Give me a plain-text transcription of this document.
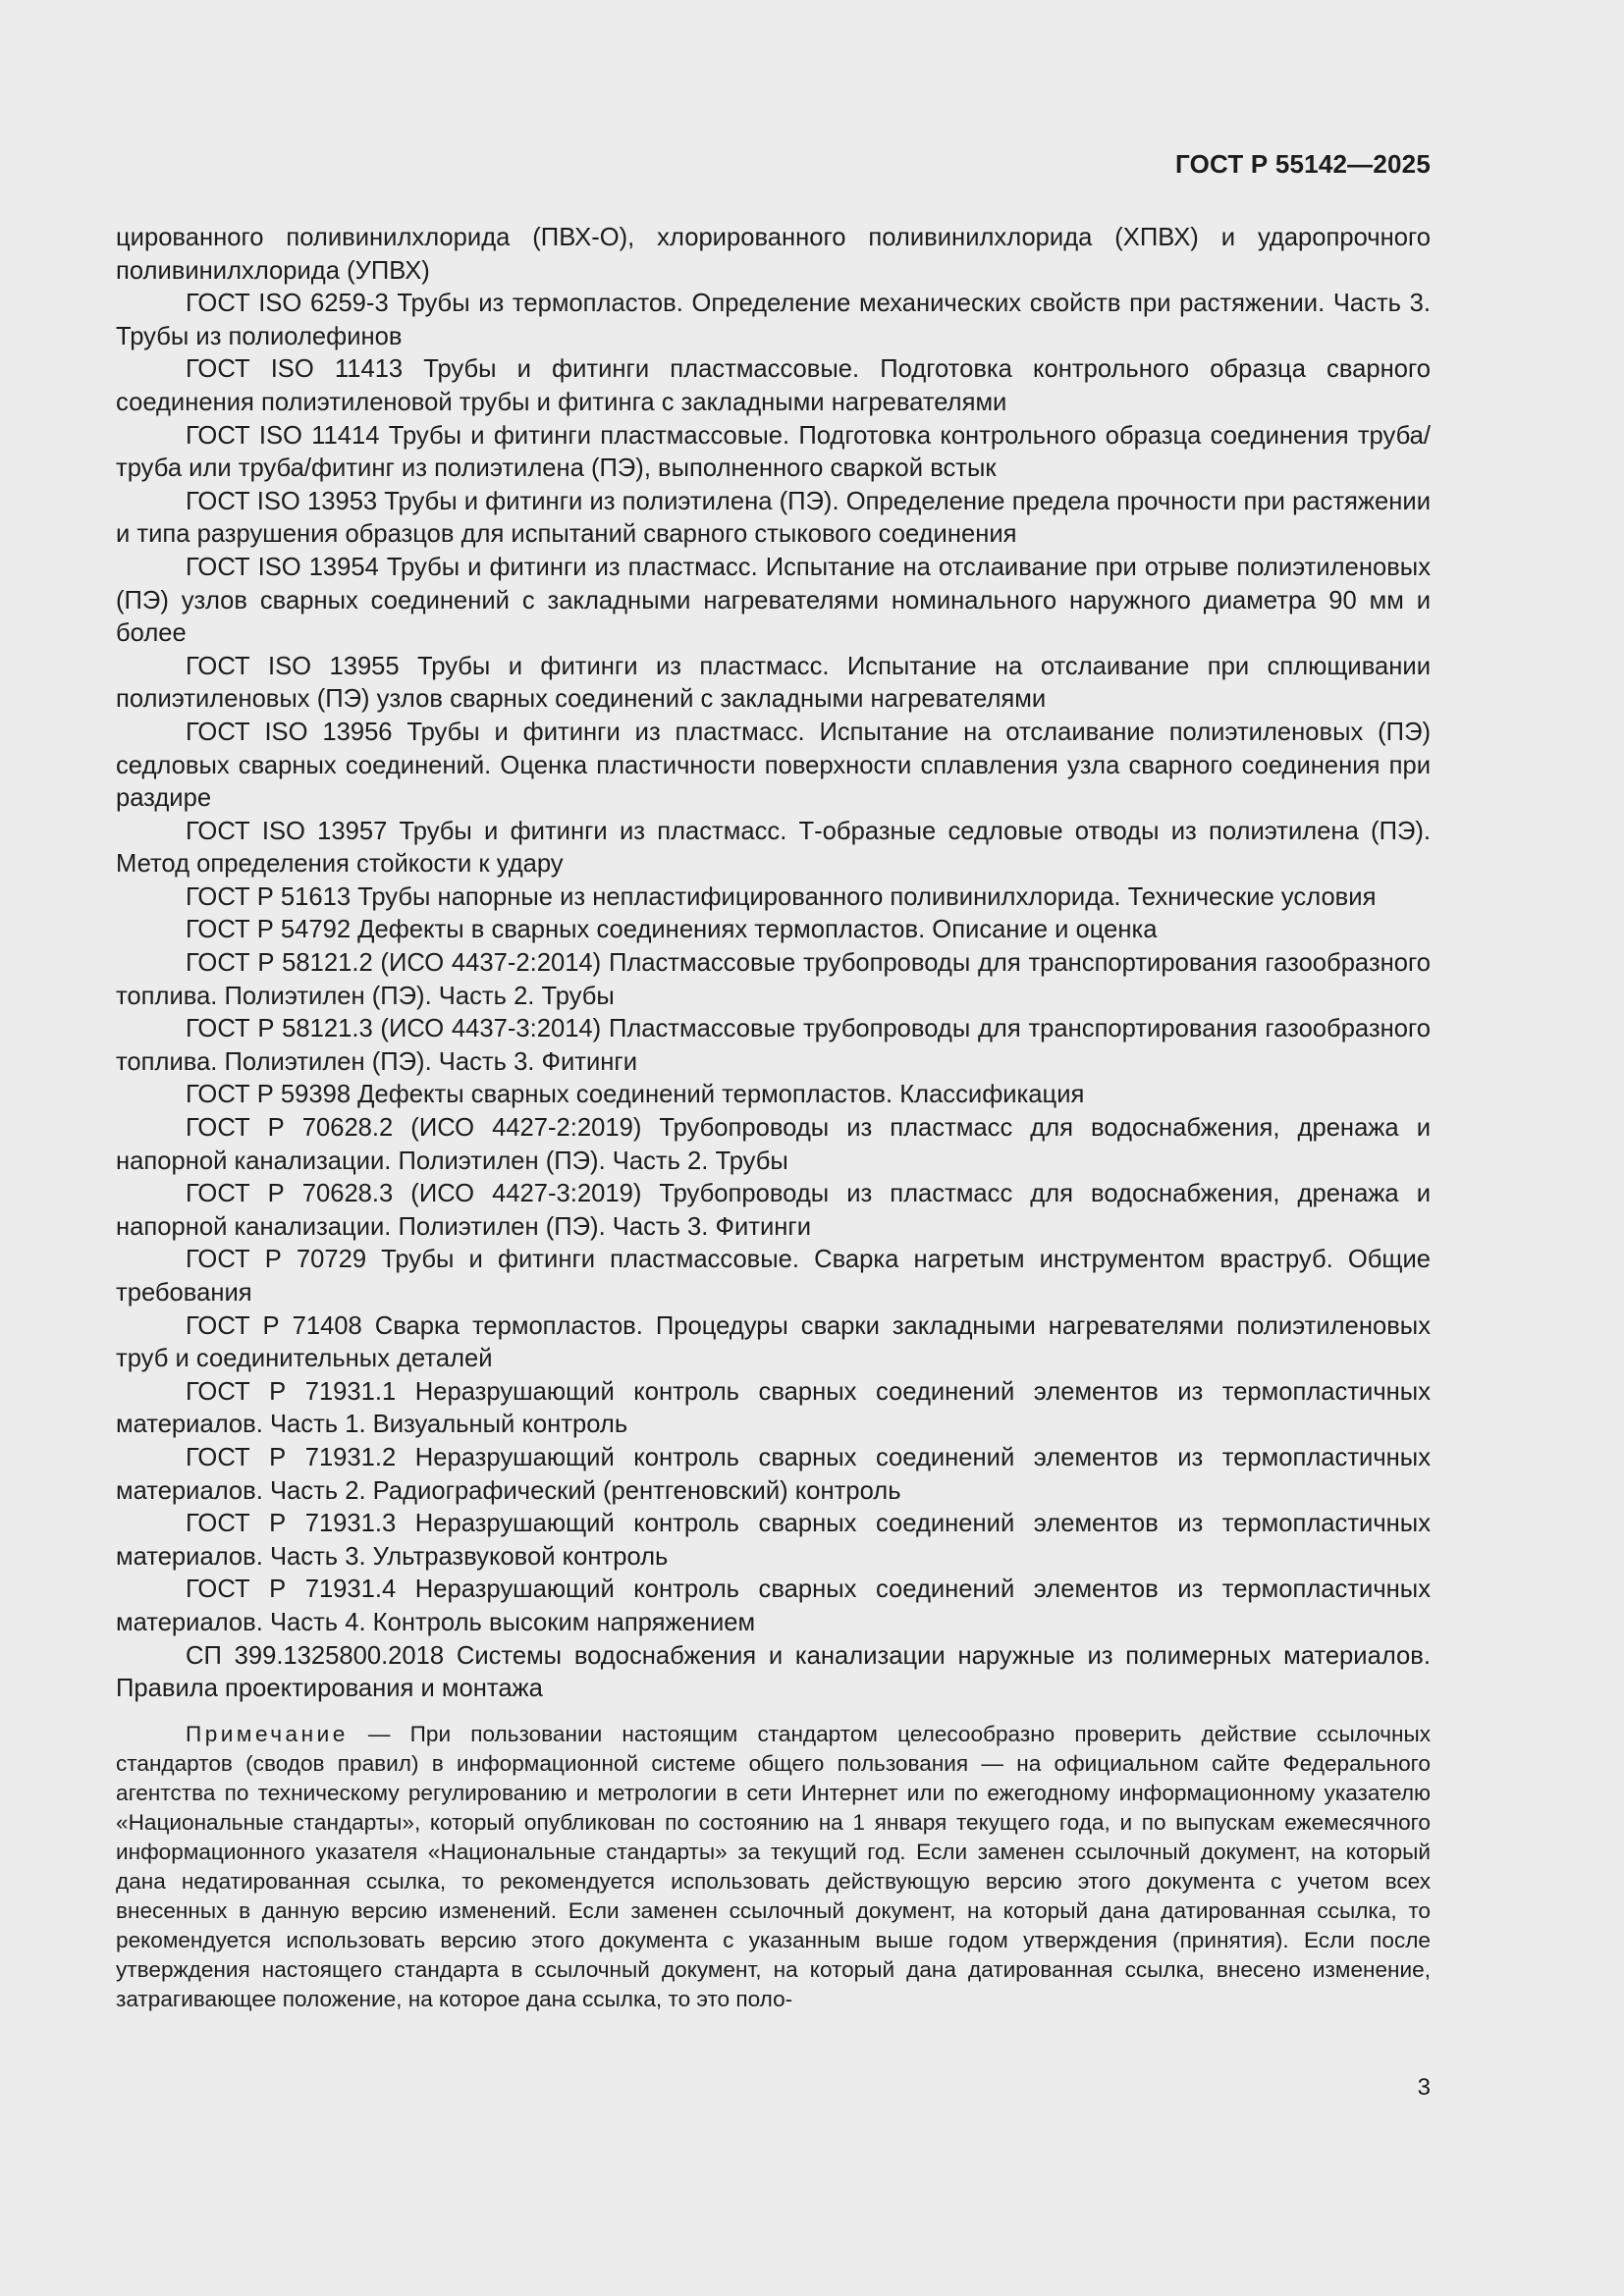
ГОСТ Р 55142—2025

цированного поливинилхлорида (ПВХ-О), хлорированного поливинилхлорида (ХПВХ) и ударопрочного поливинилхлорида (УПВХ)

ГОСТ ISO 6259-3 Трубы из термопластов. Определение механических свойств при растяжении. Часть 3. Трубы из полиолефинов

ГОСТ ISO 11413 Трубы и фитинги пластмассовые. Подготовка контрольного образца сварного соединения полиэтиленовой трубы и фитинга с закладными нагревателями

ГОСТ ISO 11414 Трубы и фитинги пластмассовые. Подготовка контрольного образца соединения труба/труба или труба/фитинг из полиэтилена (ПЭ), выполненного сваркой встык

ГОСТ ISO 13953 Трубы и фитинги из полиэтилена (ПЭ). Определение предела прочности при растяжении и типа разрушения образцов для испытаний сварного стыкового соединения

ГОСТ ISO 13954 Трубы и фитинги из пластмасс. Испытание на отслаивание при отрыве полиэтиленовых (ПЭ) узлов сварных соединений с закладными нагревателями номинального наружного диаметра 90 мм и более

ГОСТ ISO 13955 Трубы и фитинги из пластмасс. Испытание на отслаивание при сплющивании полиэтиленовых (ПЭ) узлов сварных соединений с закладными нагревателями

ГОСТ ISO 13956 Трубы и фитинги из пластмасс. Испытание на отслаивание полиэтиленовых (ПЭ) седловых сварных соединений. Оценка пластичности поверхности сплавления узла сварного соединения при раздире

ГОСТ ISO 13957 Трубы и фитинги из пластмасс. Т-образные седловые отводы из полиэтилена (ПЭ). Метод определения стойкости к удару

ГОСТ Р 51613 Трубы напорные из непластифицированного поливинилхлорида. Технические условия

ГОСТ Р 54792 Дефекты в сварных соединениях термопластов. Описание и оценка

ГОСТ Р 58121.2 (ИСО 4437-2:2014) Пластмассовые трубопроводы для транспортирования газообразного топлива. Полиэтилен (ПЭ). Часть 2. Трубы

ГОСТ Р 58121.3 (ИСО 4437-3:2014) Пластмассовые трубопроводы для транспортирования газообразного топлива. Полиэтилен (ПЭ). Часть 3. Фитинги

ГОСТ Р 59398 Дефекты сварных соединений термопластов. Классификация

ГОСТ Р 70628.2 (ИСО 4427-2:2019) Трубопроводы из пластмасс для водоснабжения, дренажа и напорной канализации. Полиэтилен (ПЭ). Часть 2. Трубы

ГОСТ Р 70628.3 (ИСО 4427-3:2019) Трубопроводы из пластмасс для водоснабжения, дренажа и напорной канализации. Полиэтилен (ПЭ). Часть 3. Фитинги

ГОСТ Р 70729 Трубы и фитинги пластмассовые. Сварка нагретым инструментом враструб. Общие требования

ГОСТ Р 71408 Сварка термопластов. Процедуры сварки закладными нагревателями полиэтиленовых труб и соединительных деталей

ГОСТ Р 71931.1 Неразрушающий контроль сварных соединений элементов из термопластичных материалов. Часть 1. Визуальный контроль

ГОСТ Р 71931.2 Неразрушающий контроль сварных соединений элементов из термопластичных материалов. Часть 2. Радиографический (рентгеновский) контроль

ГОСТ Р 71931.3 Неразрушающий контроль сварных соединений элементов из термопластичных материалов. Часть 3. Ультразвуковой контроль

ГОСТ Р 71931.4 Неразрушающий контроль сварных соединений элементов из термопластичных материалов. Часть 4. Контроль высоким напряжением

СП 399.1325800.2018 Системы водоснабжения и канализации наружные из полимерных материалов. Правила проектирования и монтажа

Примечание — При пользовании настоящим стандартом целесообразно проверить действие ссылочных стандартов (сводов правил) в информационной системе общего пользования — на официальном сайте Федерального агентства по техническому регулированию и метрологии в сети Интернет или по ежегодному информационному указателю «Национальные стандарты», который опубликован по состоянию на 1 января текущего года, и по выпускам ежемесячного информационного указателя «Национальные стандарты» за текущий год. Если заменен ссылочный документ, на который дана недатированная ссылка, то рекомендуется использовать действующую версию этого документа с учетом всех внесенных в данную версию изменений. Если заменен ссылочный документ, на который дана датированная ссылка, то рекомендуется использовать версию этого документа с указанным выше годом утверждения (принятия). Если после утверждения настоящего стандарта в ссылочный документ, на который дана датированная ссылка, внесено изменение, затрагивающее положение, на которое дана ссылка, то это поло-

3
